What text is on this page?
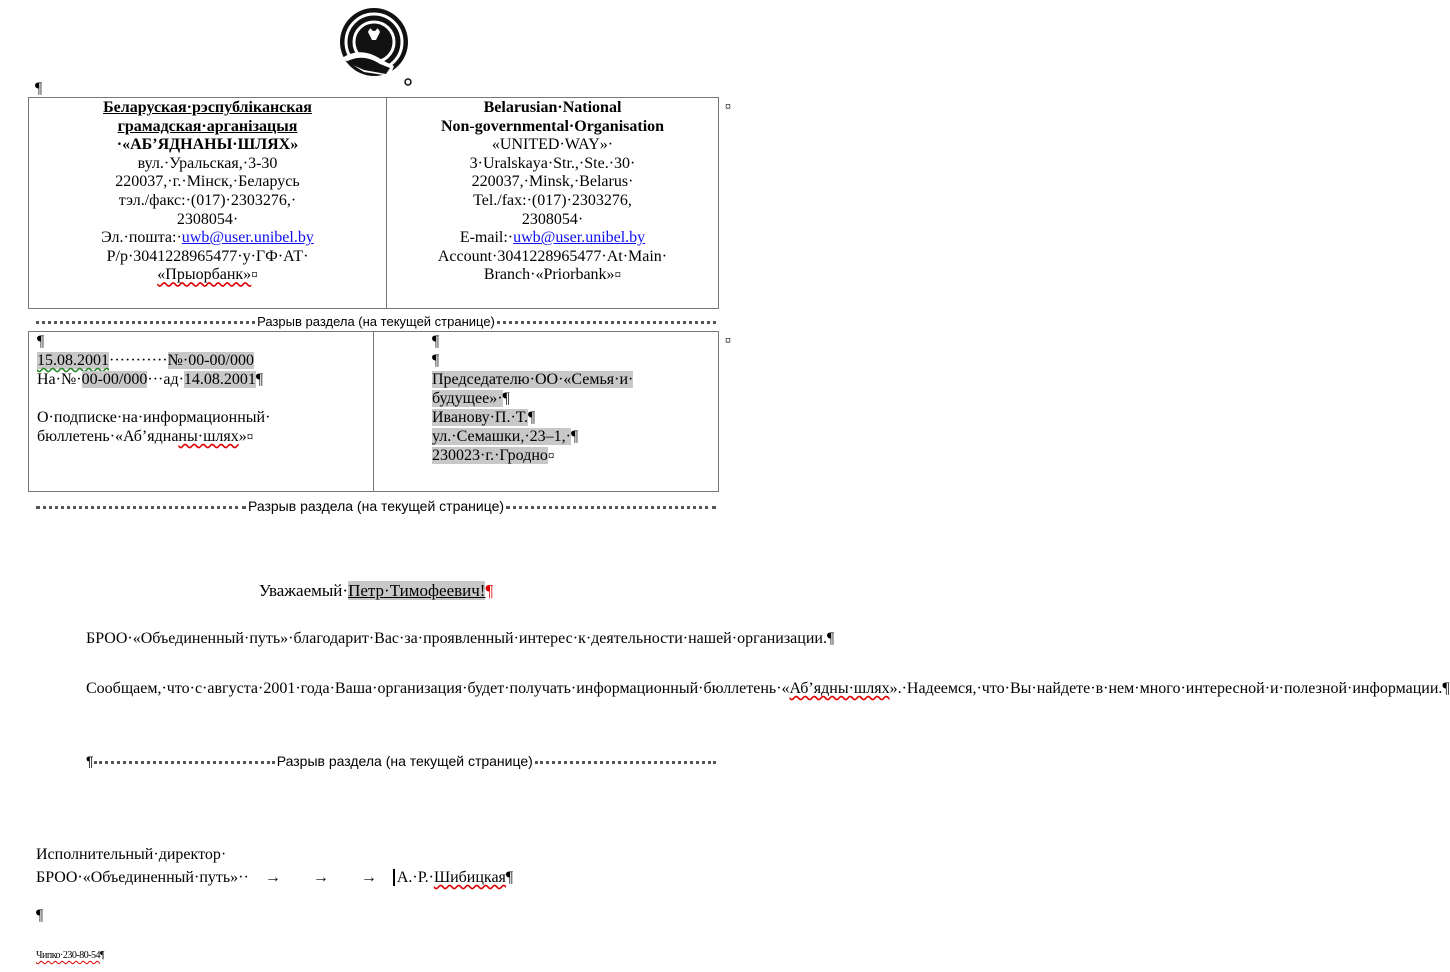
¶
Беларуская·рэспубліканская
грамадская·арганізацыя
·«АБ’ЯДНАНЫ·ШЛЯХ»
вул.·Уральская,·3-30
220037,·г.·Мінск,·Беларусь
тэл./факс:·(017)·2303276,·
2308054·
Эл.·пошта:·uwb@user.unibel.by
Р/р·3041228965477·у·ГФ·АТ·
«Прыорбанк»¤

Belarusian·National
Non-governmental·Organisation
«UNITED·WAY»·
3·Uralskaya·Str.,·Ste.·30·
220037,·Minsk,·Belarus·
Tel./fax:·(017)·2303276,
2308054·
E-mail:·uwb@user.unibel.by
Account·3041228965477·At·Main·
Branch·«Priorbank»¤
¤
Разрыв раздела (на текущей странице)
¶
15.08.2001···········№·00-00/000
На·№·00-00/000···ад·14.08.2001¶
О·подписке·на·информационный·
бюллетень·«Аб’яднаны·шлях»¤

¶
¶
Председателю·ОО·«Семья·и·
будущее»·¶
Иванову·П.·Т.¶
ул.·Семашки,·23–1,·¶
230023·г.·Гродно¤
¤
Разрыв раздела (на текущей странице)
Уважаемый·Петр·Тимофеевич!¶
БРОО·«Объединенный·путь»·благодарит·Вас·за·проявленный·интерес·к·деятельности·нашей·организации.¶
Сообщаем,·что·с·августа·2001·года·Ваша·организация·будет·получать·информационный·бюллетень·«Аб’ядны·шлях».·Надеемся,·что·Вы·найдете·в·нем·много·интересной·и·полезной·информации.¶
¶	Разрыв раздела (на текущей странице)
Исполнительный·директор·
БРОО·«Объединенный·путь»·· → → → А.·Р.·Шибицкая¶
¶
Чипко·230-80-54¶
